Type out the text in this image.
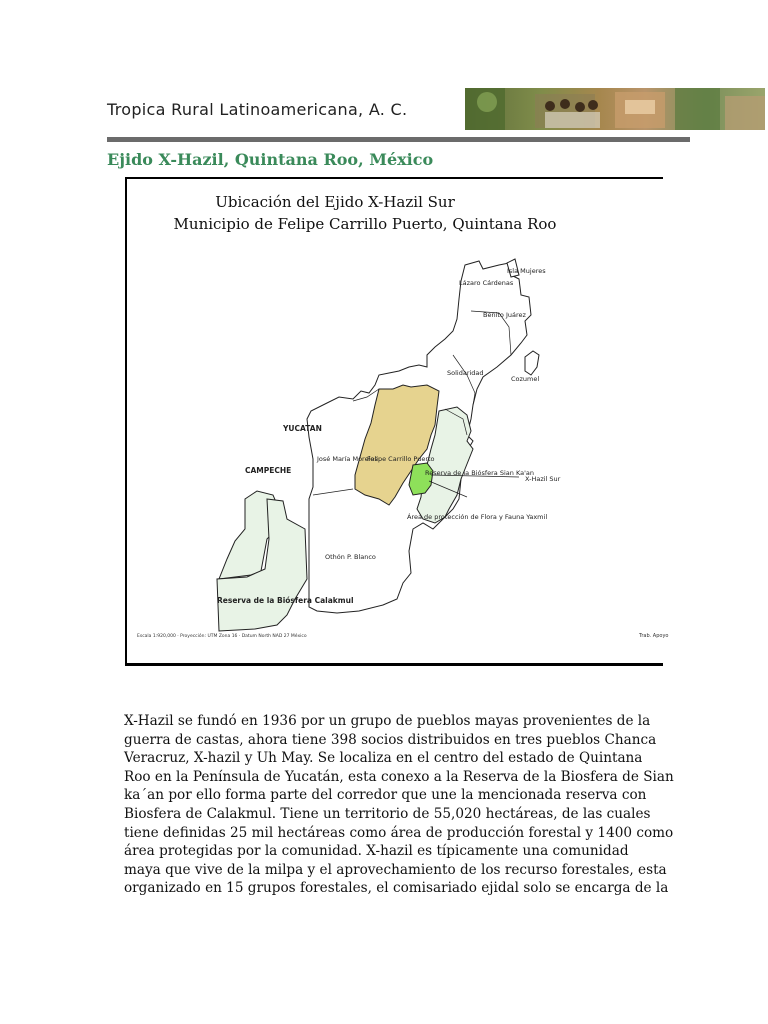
Tropica Rural Latinoamericana, A. C.
Ejido X-Hazil, Quintana Roo, México
Ubicación del Ejido X-Hazil Sur
Municipio de Felipe Carrillo Puerto, Quintana Roo
Isla Mujeres
Lázaro Cárdenas
Benito Juárez
Solidaridad
Cozumel
José María Morelos
Felipe Carrillo Puerto
Reserva de la Biósfera Sian Ka'an
X-Hazil Sur
Área de protección de Flora y Fauna Yaxmil
Othón P. Blanco
YUCATAN
CAMPECHE
Reserva de la Biósfera Calakmul
Escala 1:920,000 · Proyección: UTM Zona 16 · Datum North NAD 27 México	Trab. Apoyo
X-Hazil se fundó en 1936 por un grupo de pueblos mayas provenientes de la
guerra de castas, ahora tiene 398 socios distribuidos en tres pueblos Chanca
Veracruz, X-hazil y Uh May. Se localiza en el centro del estado de Quintana
Roo en la Península de Yucatán, esta conexo a la Reserva de la Biosfera de Sian
ka´an por ello forma parte del corredor que une la mencionada reserva con
Biosfera de Calakmul. Tiene un territorio de 55,020 hectáreas, de las cuales
tiene definidas 25 mil hectáreas como área de producción forestal y 1400 como
área protegidas por la comunidad. X-hazil es típicamente una comunidad
maya que vive de la milpa y el aprovechamiento de los recurso forestales, esta
organizado en 15 grupos forestales, el comisariado ejidal solo se encarga de la
